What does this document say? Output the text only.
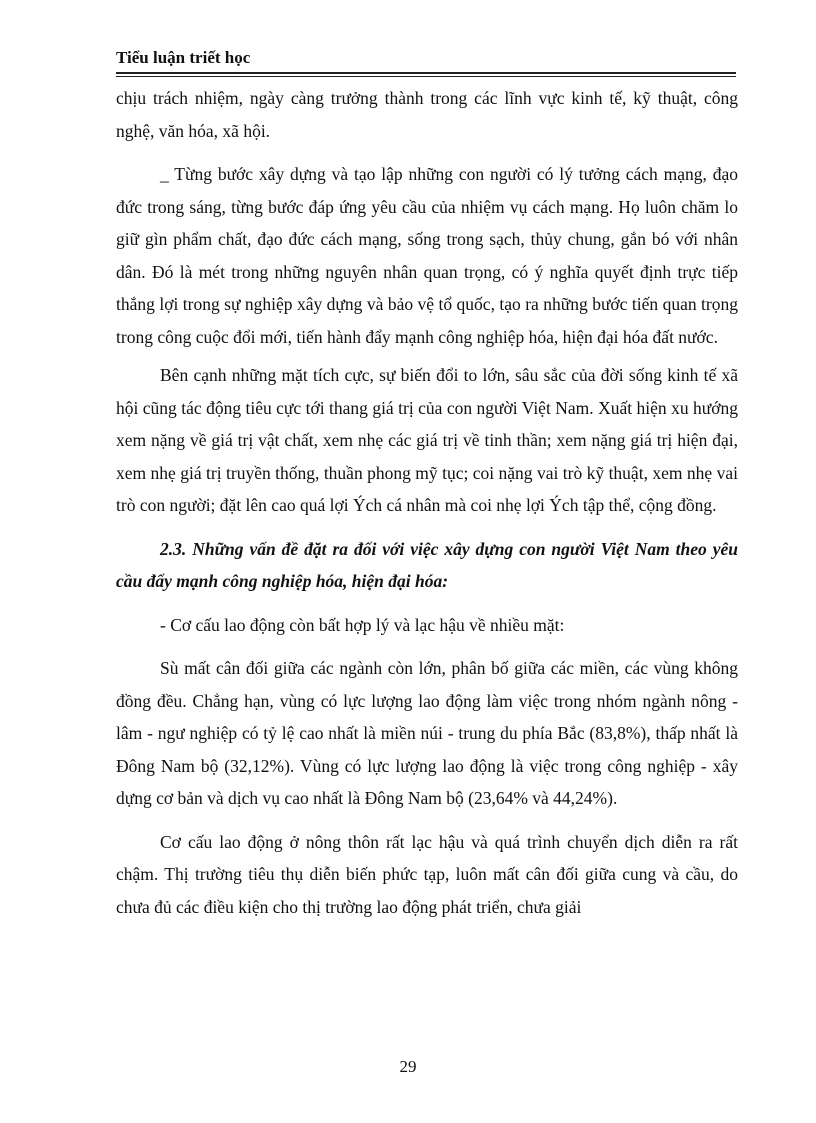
Tiểu luận triết học

chịu trách nhiệm, ngày càng trưởng thành trong các lĩnh vực kinh tế, kỹ thuật, công nghệ, văn hóa, xã hội.

_ Từng bước xây dựng và tạo lập những con người có lý tưởng cách mạng, đạo đức trong sáng, từng bước đáp ứng yêu cầu của nhiệm vụ cách mạng. Họ luôn chăm lo giữ gìn phẩm chất, đạo đức cách mạng, sống trong sạch, thủy chung, gắn bó với nhân dân. Đó là mét trong những nguyên nhân quan trọng, có ý nghĩa quyết định trực tiếp thắng lợi trong sự nghiệp xây dựng và bảo vệ tổ quốc, tạo ra những bước tiến quan trọng trong công cuộc đổi mới, tiến hành đẩy mạnh công nghiệp hóa, hiện đại hóa đất nước.

Bên cạnh những mặt tích cực, sự biến đổi to lớn, sâu sắc của đời sống kinh tế xã hội cũng tác động tiêu cực tới thang giá trị của con người Việt Nam. Xuất hiện xu hướng xem nặng về giá trị vật chất, xem nhẹ các giá trị về tinh thần; xem nặng giá trị hiện đại, xem nhẹ giá trị truyền thống, thuần phong mỹ tục; coi nặng vai trò kỹ thuật, xem nhẹ vai trò con người; đặt lên cao quá lợi Ých cá nhân mà coi nhẹ lợi Ých tập thể, cộng đồng.

2.3. Những vấn đề đặt ra đối với việc xây dựng con người Việt Nam theo yêu cầu đẩy mạnh công nghiệp hóa, hiện đại hóa:

- Cơ cấu lao động còn bất hợp lý và lạc hậu về nhiều mặt:

Sù mất cân đối giữa các ngành còn lớn, phân bố giữa các miền, các vùng không đồng đều. Chẳng hạn, vùng có lực lượng lao động làm việc trong nhóm ngành nông - lâm - ngư nghiệp có tỷ lệ cao nhất là miền núi - trung du phía Bắc (83,8%), thấp nhất là Đông Nam bộ (32,12%). Vùng có lực lượng lao động là việc trong công nghiệp - xây dựng cơ bản và dịch vụ cao nhất là Đông Nam bộ (23,64% và 44,24%).

Cơ cấu lao động ở nông thôn rất lạc hậu và quá trình chuyển dịch diễn ra rất chậm. Thị trường tiêu thụ diễn biến phức tạp, luôn mất cân đối giữa cung và cầu, do chưa đủ các điều kiện cho thị trường lao động phát triển, chưa giải

29
